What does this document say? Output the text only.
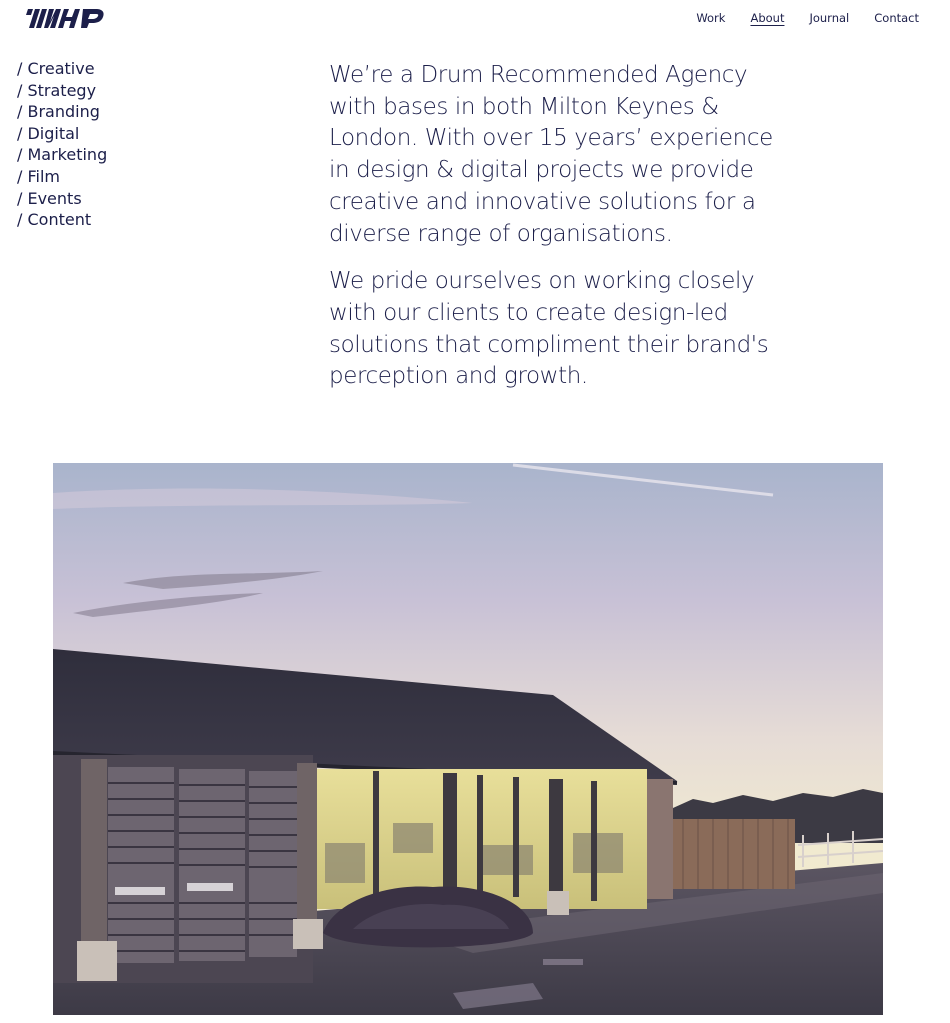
Work About Journal Contact
/ Creative
/ Strategy
/ Branding
/ Digital
/ Marketing
/ Film
/ Events
/ Content

We’re a Drum Recommended Agency with bases in both Milton Keynes & London. With over 15 years’ experience in design & digital projects we provide creative and innovative solutions for a diverse range of organisations.

We pride ourselves on working closely with our clients to create design-led solutions that compliment their brand's perception and growth.
